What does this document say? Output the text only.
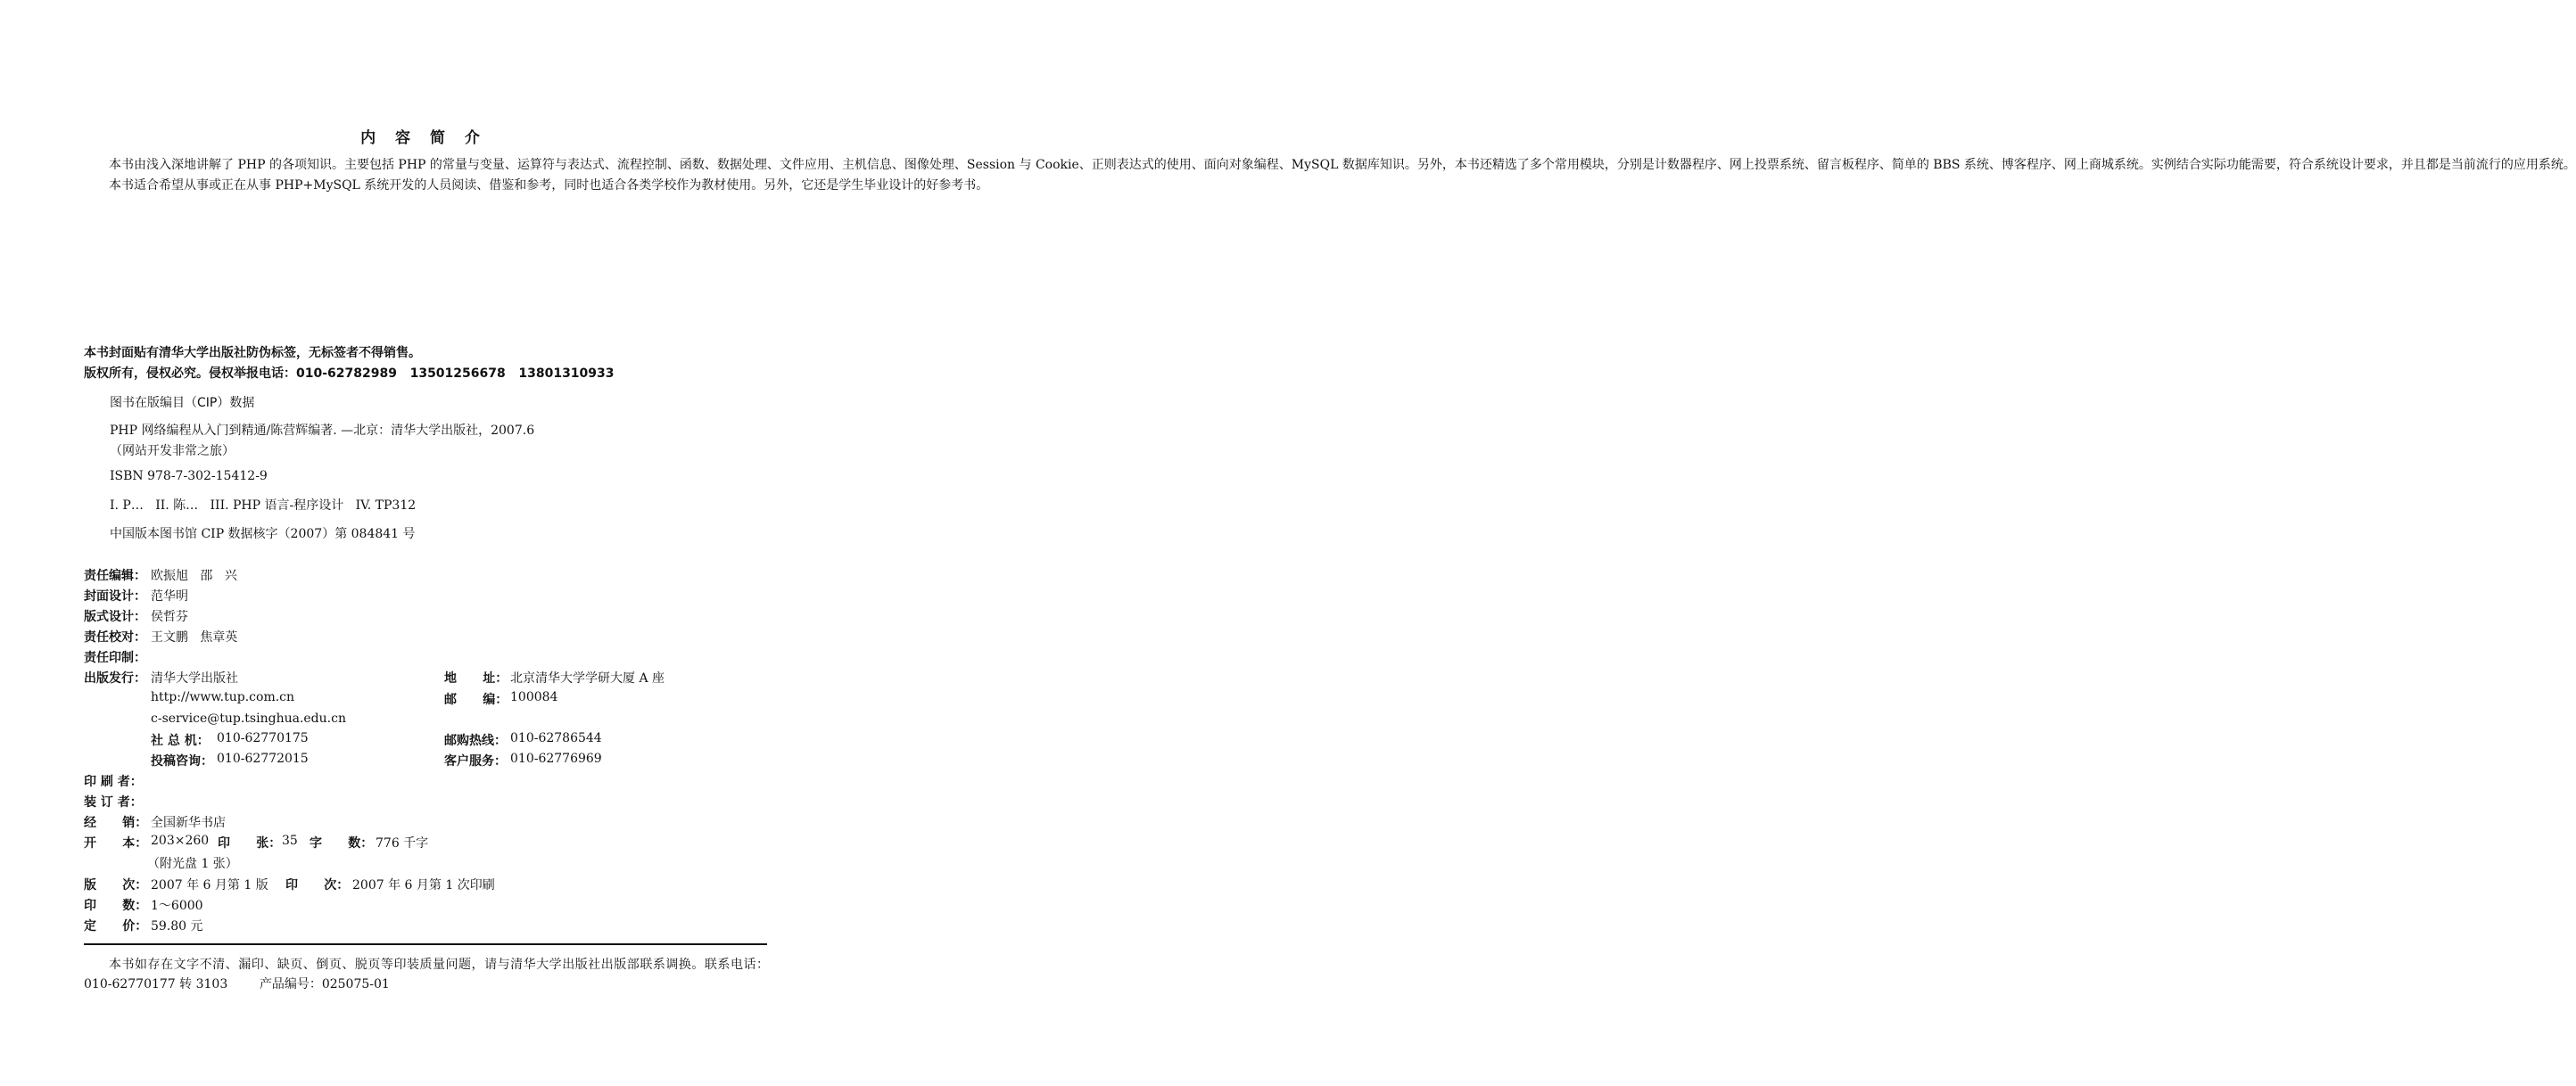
内 容 简 介

本书由浅入深地讲解了 PHP 的各项知识。主要包括 PHP 的常量与变量、运算符与表达式、流程控制、函数、数据处理、文件应用、主机信息、图像处理、Session 与 Cookie、正则表达式的使用、面向对象编程、MySQL 数据库知识。另外，本书还精选了多个常用模块，分别是计数器程序、网上投票系统、留言板程序、简单的 BBS 系统、博客程序、网上商城系统。实例结合实际功能需要，符合系统设计要求，并且都是当前流行的应用系统。

本书适合希望从事或正在从事 PHP+MySQL 系统开发的人员阅读、借鉴和参考，同时也适合各类学校作为教材使用。另外，它还是学生毕业设计的好参考书。

本书封面贴有清华大学出版社防伪标签，无标签者不得销售。
版权所有，侵权必究。侵权举报电话：010-62782989   13501256678   13801310933
图书在版编目（CIP）数据
PHP 网络编程从入门到精通/陈营辉编著. —北京：清华大学出版社，2007.6
（网站开发非常之旅）
ISBN 978-7-302-15412-9
I. P…   II. 陈…   III. PHP 语言-程序设计   IV. TP312
中国版本图书馆 CIP 数据核字（2007）第 084841 号
责任编辑： 欧振旭   邵   兴
封面设计： 范华明
版式设计： 侯哲芬
责任校对： 王文鹏   焦章英
责任印制：
出版发行： 清华大学出版社
http://www.tup.com.cn
c-service@tup.tsinghua.edu.cn
社 总 机： 010-62770175
投稿咨询： 010-62772015
地      址： 北京清华大学学研大厦 A 座
邮      编： 100084
邮购热线： 010-62786544
客户服务： 010-62776969
印 刷 者：
装 订 者：
经      销： 全国新华书店
开      本： 203×260 印      张： 35 字      数： 776 千字
（附光盘 1 张）
版      次： 2007 年 6 月第 1 版 印      次： 2007 年 6 月第 1 次印刷
印      数： 1～6000
定      价： 59.80 元

本书如存在文字不清、漏印、缺页、倒页、脱页等印装质量问题，请与清华大学出版社出版部联系调换。联系电话：010-62770177 转 3103        产品编号：025075-01
